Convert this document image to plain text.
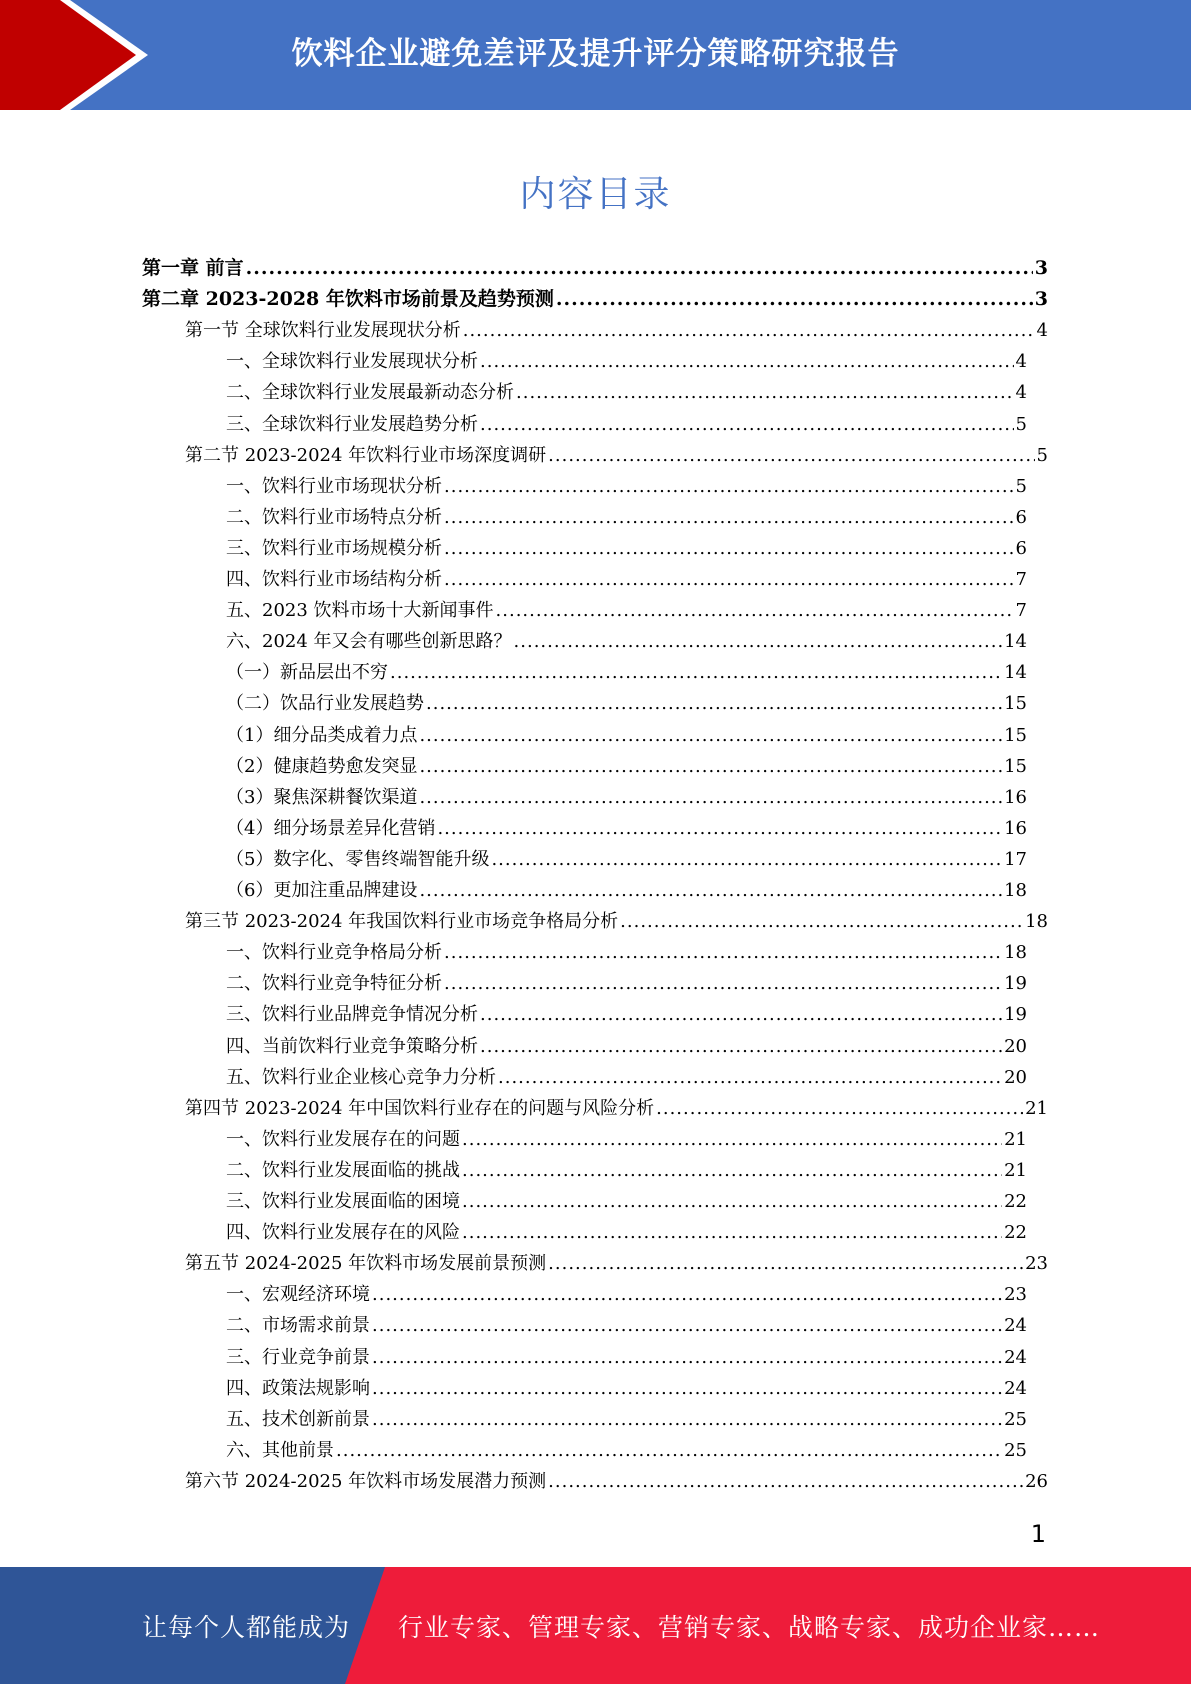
饮料企业避免差评及提升评分策略研究报告
内容目录
第一章 前言 .....	3
第二章 2023-2028 年饮料市场前景及趋势预测 .....	3
第一节 全球饮料行业发展现状分析 .....	4
一、全球饮料行业发展现状分析 .....	4
二、全球饮料行业发展最新动态分析 .....	4
三、全球饮料行业发展趋势分析 .....	5
第二节 2023-2024 年饮料行业市场深度调研 .....	5
一、饮料行业市场现状分析 .....	5
二、饮料行业市场特点分析 .....	6
三、饮料行业市场规模分析 .....	6
四、饮料行业市场结构分析 .....	7
五、2023 饮料市场十大新闻事件 .....	7
六、2024 年又会有哪些创新思路？ .....	14
（一）新品层出不穷 .....	14
（二）饮品行业发展趋势 .....	15
（1）细分品类成着力点 .....	15
（2）健康趋势愈发突显 .....	15
（3）聚焦深耕餐饮渠道 .....	16
（4）细分场景差异化营销 .....	16
（5）数字化、零售终端智能升级 .....	17
（6）更加注重品牌建设 .....	18
第三节 2023-2024 年我国饮料行业市场竞争格局分析 .....	18
一、饮料行业竞争格局分析 .....	18
二、饮料行业竞争特征分析 .....	19
三、饮料行业品牌竞争情况分析 .....	19
四、当前饮料行业竞争策略分析 .....	20
五、饮料行业企业核心竞争力分析 .....	20
第四节 2023-2024 年中国饮料行业存在的问题与风险分析 .....	21
一、饮料行业发展存在的问题 .....	21
二、饮料行业发展面临的挑战 .....	21
三、饮料行业发展面临的困境 .....	22
四、饮料行业发展存在的风险 .....	22
第五节 2024-2025 年饮料市场发展前景预测 .....	23
一、宏观经济环境 .....	23
二、市场需求前景 .....	24
三、行业竞争前景 .....	24
四、政策法规影响 .....	24
五、技术创新前景 .....	25
六、其他前景 .....	25
第六节 2024-2025 年饮料市场发展潜力预测 .....	26
1
让每个人都能成为 行业专家、管理专家、营销专家、战略专家、成功企业家……
